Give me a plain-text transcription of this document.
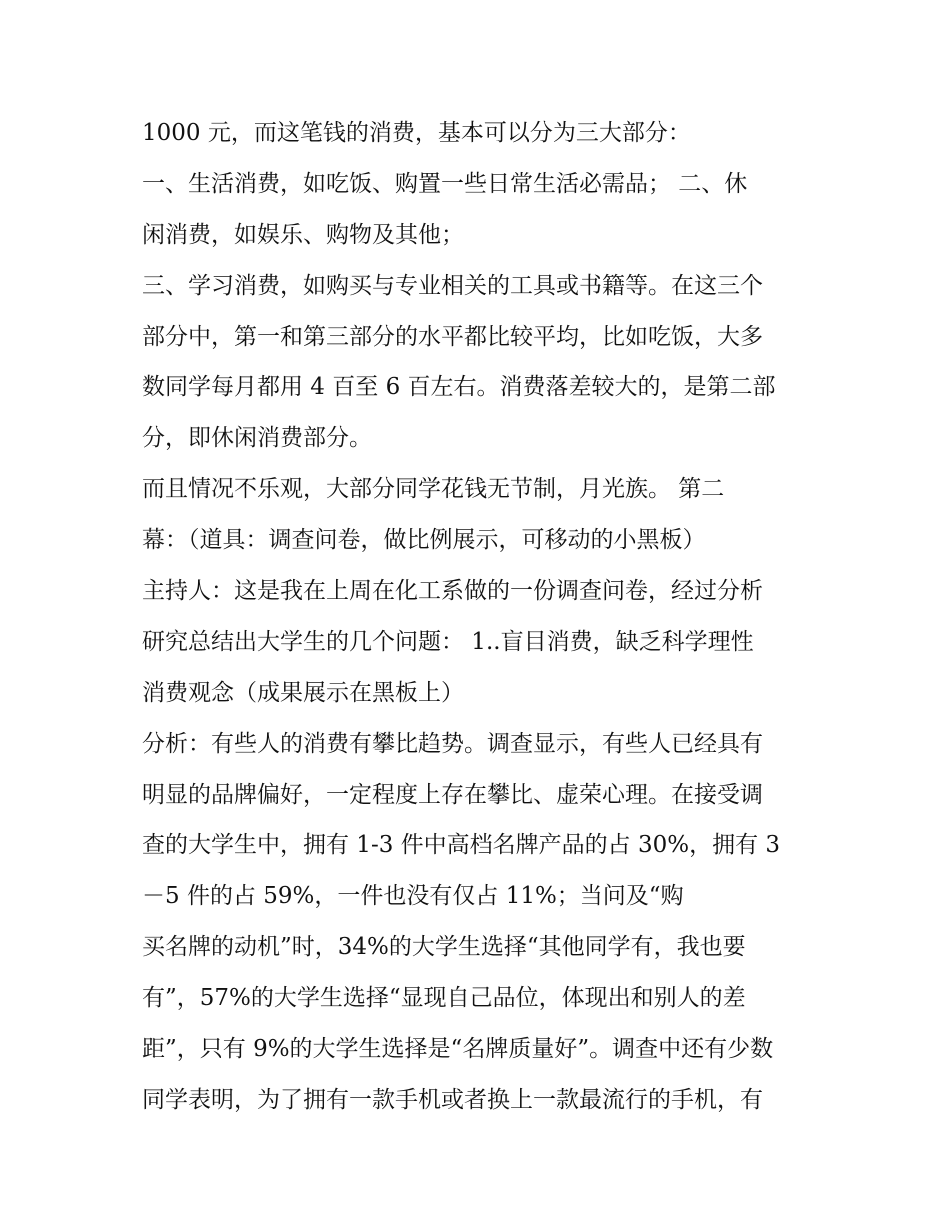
1000 元，而这笔钱的消费，基本可以分为三大部分：
一、生活消费，如吃饭、购置一些日常生活必需品； 二、休
闲消费，如娱乐、购物及其他；
三、学习消费，如购买与专业相关的工具或书籍等。在这三个
部分中，第一和第三部分的水平都比较平均，比如吃饭，大多
数同学每月都用 4 百至 6 百左右。消费落差较大的，是第二部
分，即休闲消费部分。
而且情况不乐观，大部分同学花钱无节制，月光族。 第二
幕：（道具：调查问卷，做比例展示，可移动的小黑板）
主持人：这是我在上周在化工系做的一份调查问卷，经过分析
研究总结出大学生的几个问题： 1..盲目消费，缺乏科学理性
消费观念（成果展示在黑板上）
分析：有些人的消费有攀比趋势。调查显示，有些人已经具有
明显的品牌偏好，一定程度上存在攀比、虚荣心理。在接受调
查的大学生中，拥有 1-3 件中高档名牌产品的占 30%，拥有 3
－5 件的占 59%，一件也没有仅占 11%；当问及“购
买名牌的动机”时，34%的大学生选择“其他同学有，我也要
有”，57%的大学生选择“显现自己品位，体现出和别人的差
距”，只有 9%的大学生选择是“名牌质量好”。调查中还有少数
同学表明，为了拥有一款手机或者换上一款最流行的手机，有
